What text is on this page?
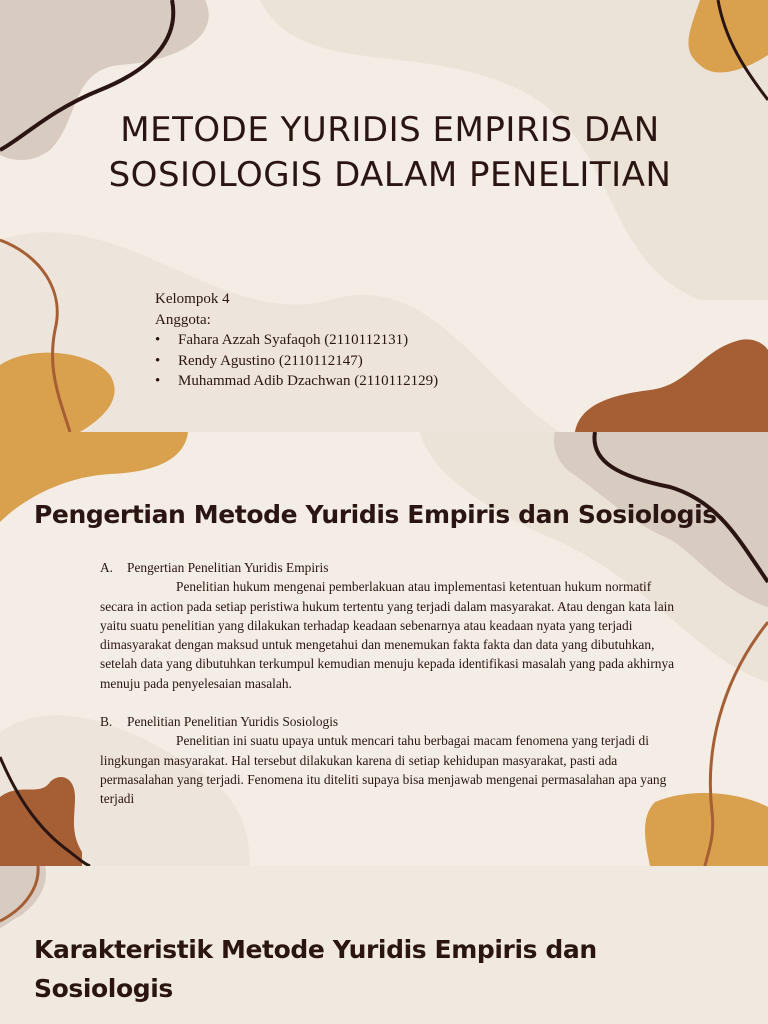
METODE YURIDIS EMPIRIS DAN SOSIOLOGIS DALAM PENELITIAN
Kelompok 4
Anggota:
• Fahara Azzah Syafaqoh (2110112131)
• Rendy Agustino (2110112147)
• Muhammad Adib Dzachwan (2110112129)
Pengertian Metode Yuridis Empiris dan Sosiologis
A.	Pengertian Penelitian Yuridis Empiris

Penelitian hukum mengenai pemberlakuan atau implementasi ketentuan hukum normatif secara in action pada setiap peristiwa hukum tertentu yang terjadi dalam masyarakat. Atau dengan kata lain yaitu suatu penelitian yang dilakukan terhadap keadaan sebenarnya atau keadaan nyata yang terjadi dimasyarakat dengan maksud untuk mengetahui dan menemukan fakta fakta dan data yang dibutuhkan, setelah data yang dibutuhkan terkumpul kemudian menuju kepada identifikasi masalah yang pada akhirnya menuju pada penyelesaian masalah.

B.	Penelitian Penelitian Yuridis Sosiologis

Penelitian ini suatu upaya untuk mencari tahu berbagai macam fenomena yang terjadi di lingkungan masyarakat. Hal tersebut dilakukan karena di setiap kehidupan masyarakat, pasti ada permasalahan yang terjadi. Fenomena itu diteliti supaya bisa menjawab mengenai permasalahan apa yang terjadi

Karakteristik Metode Yuridis Empiris dan Sosiologis
